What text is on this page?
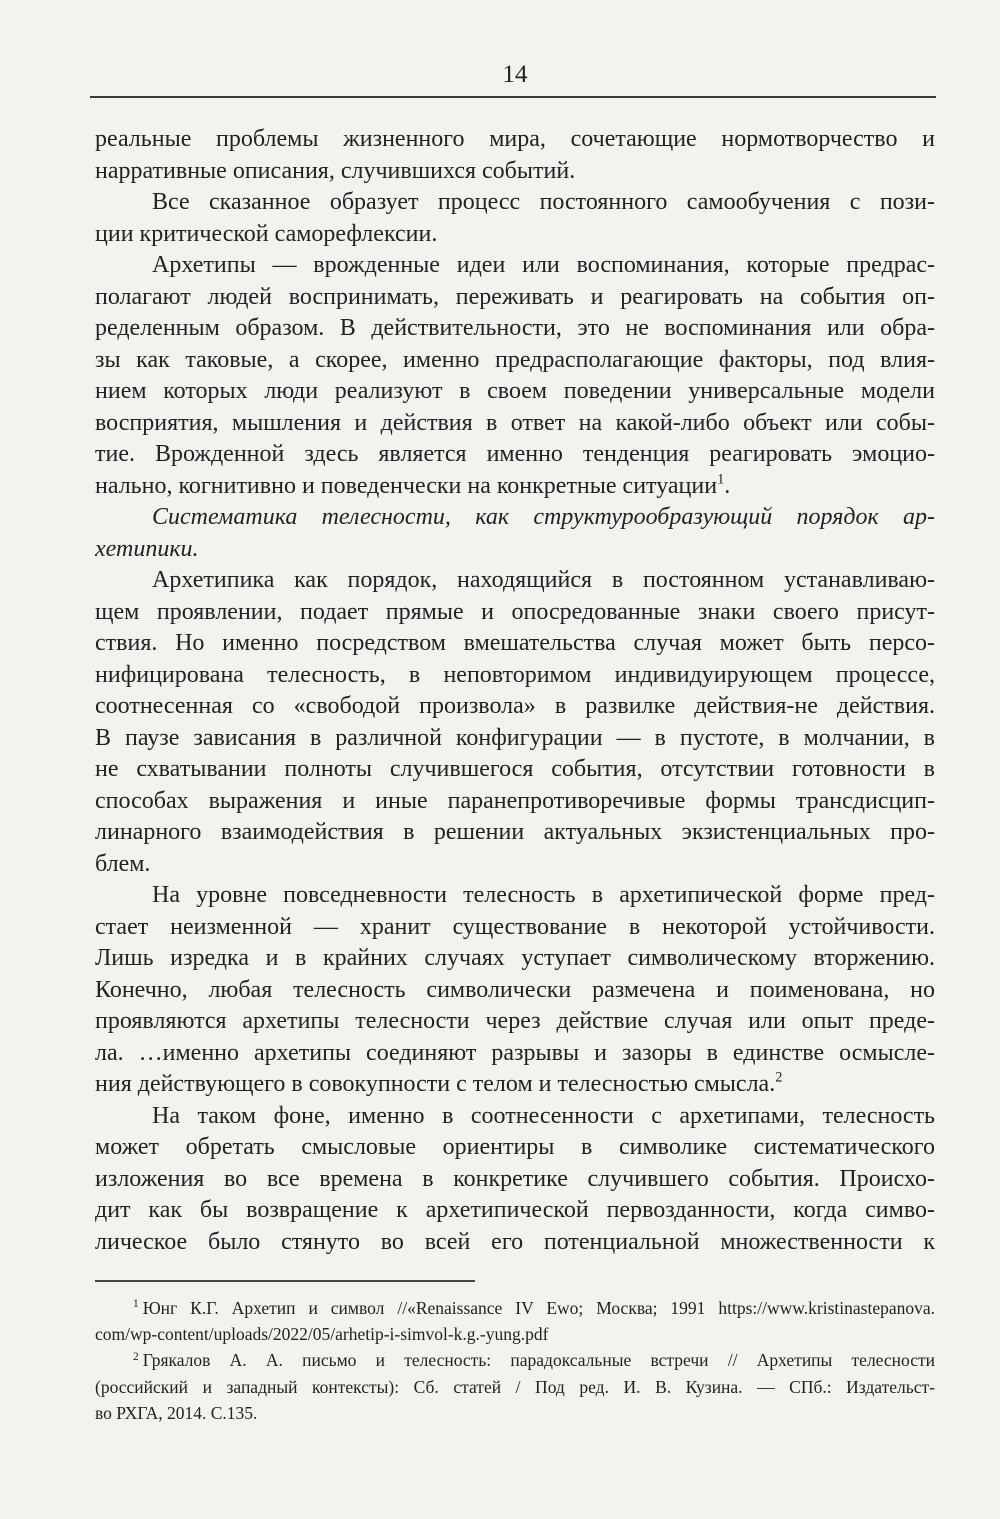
14
реальные проблемы жизненного мира, сочетающие нормотворчество и
нарративные описания, случившихся событий.
Все сказанное образует процесс постоянного самообучения с пози-
ции критической саморефлексии.
Архетипы — врожденные идеи или воспоминания, которые предрас-
полагают людей воспринимать, переживать и реагировать на события оп-
ределенным образом. В действительности, это не воспоминания или обра-
зы как таковые, а скорее, именно предрасполагающие факторы, под влия-
нием которых люди реализуют в своем поведении универсальные модели
восприятия, мышления и действия в ответ на какой-либо объект или собы-
тие. Врожденной здесь является именно тенденция реагировать эмоцио-
нально, когнитивно и поведенчески на конкретные ситуации$^1$.
Систематика телесности, как структурообразующий порядок ар-
хетипики.
Архетипика как порядок, находящийся в постоянном устанавливаю-
щем проявлении, подает прямые и опосредованные знаки своего присут-
ствия. Но именно посредством вмешательства случая может быть персо-
нифицирована телесность, в неповторимом индивидуирующем процессе,
соотнесенная со «свободой произвола» в развилке действия-не действия.
В паузе зависания в различной конфигурации — в пустоте, в молчании, в
не схватывании полноты случившегося события, отсутствии готовности в
способах выражения и иные паранепротиворечивые формы трансдисцип-
линарного взаимодействия в решении актуальных экзистенциальных про-
блем.
На уровне повседневности телесность в архетипической форме пред-
стает неизменной — хранит существование в некоторой устойчивости.
Лишь изредка и в крайних случаях уступает символическому вторжению.
Конечно, любая телесность символически размечена и поименована, но
проявляются архетипы телесности через действие случая или опыт преде-
ла. …именно архетипы соединяют разрывы и зазоры в единстве осмысле-
ния действующего в совокупности с телом и телесностью смысла.$^2$
На таком фоне, именно в соотнесенности с архетипами, телесность
может обретать смысловые ориентиры в символике систематического
изложения во все времена в конкретике случившего события. Происхо-
дит как бы возвращение к архетипической первозданности, когда симво-
лическое было стянуто во всей его потенциальной множественности к
$^1$ Юнг К.Г. Архетип и символ //«Renaissance IV Ewo; Москва; 1991 https://www.kristinastepanova.
com/wp-content/uploads/2022/05/arhetip-i-simvol-k.g.-yung.pdf
$^2$ Грякалов А. А. письмо и телесность: парадоксальные встречи // Архетипы телесности
(российский и западный контексты): Сб. статей / Под ред. И. В. Кузина. — СПб.: Издательст-
во РХГА, 2014. С.135.
